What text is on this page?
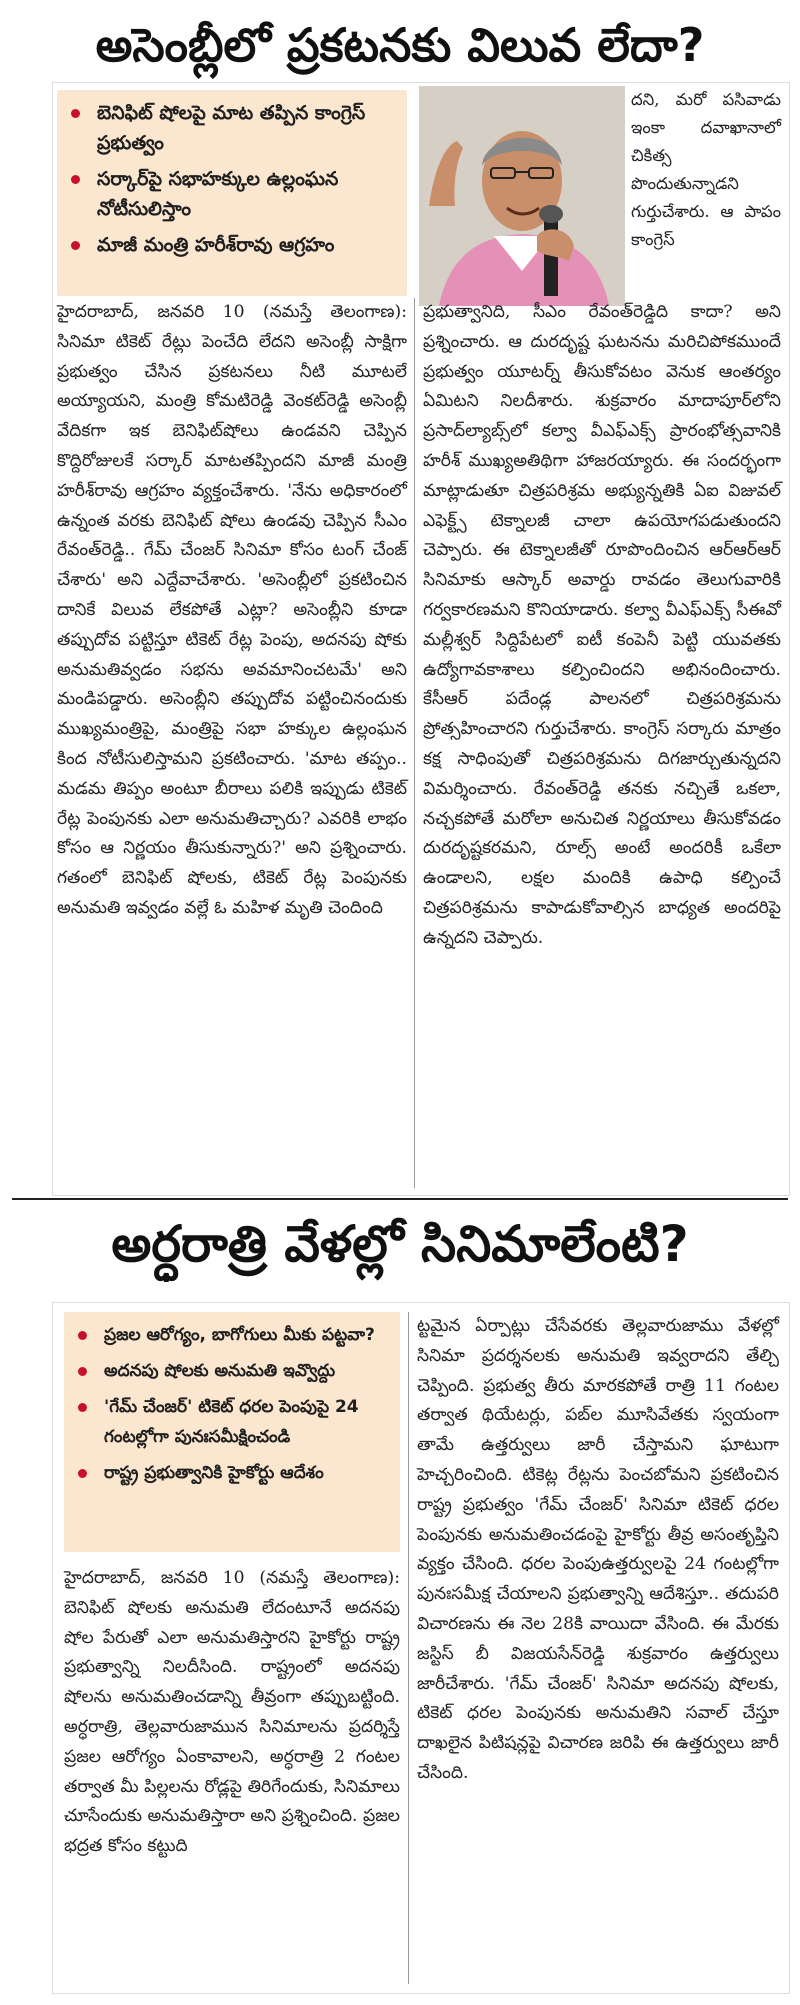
అసెంబ్లీలో ప్రకటనకు విలువ లేదా?
బెనిఫిట్ షోలపై మాట తప్పిన కాంగ్రెస్ ప్రభుత్వం
సర్కార్‌పై సభాహక్కుల ఉల్లంఘన నోటీసులిస్తాం
మాజీ మంత్రి హరీశ్‌రావు ఆగ్రహం

దని, మరో పసివాడు ఇంకా దవాఖానాలో చికిత్స పొందుతున్నాడని గుర్తుచేశారు. ఆ పాపం కాంగ్రెస్

హైదరాబాద్, జనవరి 10 (నమస్తే తెలంగాణ): సినిమా టికెట్ రేట్లు పెంచేది లేదని అసెంబ్లీ సాక్షిగా ప్రభుత్వం చేసిన ప్రకటనలు నీటి మూటలే అయ్యాయని, మంత్రి కోమటిరెడ్డి వెంకట్‌రెడ్డి అసెంబ్లీ వేదికగా ఇక బెనిఫిట్‌షోలు ఉండవని చెప్పిన కొద్దిరోజులకే సర్కార్ మాటతప్పిందని మాజీ మంత్రి హరీశ్‌రావు ఆగ్రహం వ్యక్తంచేశారు. 'నేను అధికారంలో ఉన్నంత వరకు బెనిఫిట్ షోలు ఉండవు చెప్పిన సీఎం రేవంత్‌రెడ్డి.. గేమ్ చేంజర్ సినిమా కోసం టంగ్ చేంజ్ చేశారు' అని ఎద్దేవాచేశారు. 'అసెంబ్లీలో ప్రకటించిన దానికే విలువ లేకపోతే ఎట్లా? అసెంబ్లీని కూడా తప్పుదోవ పట్టిస్తూ టికెట్ రేట్ల పెంపు, అదనపు షోకు అనుమతివ్వడం సభను అవమానించటమే' అని మండిపడ్డారు. అసెంబ్లీని తప్పుదోవ పట్టించినందుకు ముఖ్యమంత్రిపై, మంత్రిపై సభా హక్కుల ఉల్లంఘన కింద నోటీసులిస్తామని ప్రకటించారు. 'మాట తప్పం.. మడమ తిప్పం అంటూ బీరాలు పలికి ఇప్పుడు టికెట్ రేట్ల పెంపునకు ఎలా అనుమతిచ్చారు? ఎవరికి లాభం కోసం ఆ నిర్ణయం తీసుకున్నారు?' అని ప్రశ్నించారు. గతంలో బెనిఫిట్ షోలకు, టికెట్ రేట్ల పెంపునకు అనుమతి ఇవ్వడం వల్లే ఓ మహిళ మృతి చెందింది

ప్రభుత్వానిది, సీఎం రేవంత్‌రెడ్డిది కాదా? అని ప్రశ్నించారు. ఆ దురదృష్ట ఘటనను మరిచిపోకముందే ప్రభుత్వం యూటర్న్ తీసుకోవటం వెనుక ఆంతర్యం ఏమిటని నిలదీశారు. శుక్రవారం మాదాపూర్‌లోని ప్రసాద్‌ల్యాబ్స్‌లో కల్వా వీఎఫ్‌ఎక్స్ ప్రారంభోత్సవానికి హరీశ్ ముఖ్యఅతిథిగా హాజరయ్యారు. ఈ సందర్భంగా మాట్లాడుతూ చిత్రపరిశ్రమ అభ్యున్నతికి ఏఐ విజువల్ ఎఫెక్ట్స్ టెక్నాలజీ చాలా ఉపయోగపడుతుందని చెప్పారు. ఈ టెక్నాలజీతో రూపొందించిన ఆర్‌ఆర్‌ఆర్ సినిమాకు ఆస్కార్ అవార్డు రావడం తెలుగువారికి గర్వకారణమని కొనియాడారు. కల్వా వీఎఫ్‌ఎక్స్ సీఈవో మల్లీశ్వర్ సిద్దిపేటలో ఐటీ కంపెనీ పెట్టి యువతకు ఉద్యోగావకాశాలు కల్పించిందని అభినందించారు. కేసీఆర్ పదేండ్ల పాలనలో చిత్రపరిశ్రమను ప్రోత్సహించారని గుర్తుచేశారు. కాంగ్రెస్ సర్కారు మాత్రం కక్ష సాధింపుతో చిత్రపరిశ్రమను దిగజార్చుతున్నదని విమర్శించారు. రేవంత్‌రెడ్డి తనకు నచ్చితే ఒకలా, నచ్చకపోతే మరోలా అనుచిత నిర్ణయాలు తీసుకోవడం దురదృష్టకరమని, రూల్స్ అంటే అందరికీ ఒకేలా ఉండాలని, లక్షల మందికి ఉపాధి కల్పించే చిత్రపరిశ్రమను కాపాడుకోవాల్సిన బాధ్యత అందరిపై ఉన్నదని చెప్పారు.

అర్ధరాత్రి వేళల్లో సినిమాలేంటి?
ప్రజల ఆరోగ్యం, బాగోగులు మీకు పట్టవా?
అదనపు షోలకు అనుమతి ఇవ్వొద్దు
'గేమ్ చేంజర్' టికెట్ ధరల పెంపుపై 24 గంటల్లోగా పునఃసమీక్షించండి
రాష్ట్ర ప్రభుత్వానికి హైకోర్టు ఆదేశం

హైదరాబాద్, జనవరి 10 (నమస్తే తెలంగాణ): బెనిఫిట్ షోలకు అనుమతి లేదంటూనే అదనపు షోల పేరుతో ఎలా అనుమతిస్తారని హైకోర్టు రాష్ట్ర ప్రభుత్వాన్ని నిలదీసింది. రాష్ట్రంలో అదనపు షోలను అనుమతించడాన్ని తీవ్రంగా తప్పుబట్టింది. అర్ధరాత్రి, తెల్లవారుజామున సినిమాలను ప్రదర్శిస్తే ప్రజల ఆరోగ్యం ఏంకావాలని, అర్ధరాత్రి 2 గంటల తర్వాత మీ పిల్లలను రోడ్లపై తిరిగేందుకు, సినిమాలు చూసేందుకు అనుమతిస్తారా అని ప్రశ్నించింది. ప్రజల భద్రత కోసం కట్టుది

ట్టమైన ఏర్పాట్లు చేసేవరకు తెల్లవారుజాము వేళల్లో సినిమా ప్రదర్శనలకు అనుమతి ఇవ్వరాదని తేల్చి చెప్పింది. ప్రభుత్వ తీరు మారకపోతే రాత్రి 11 గంటల తర్వాత థియేటర్లు, పబ్‌ల మూసివేతకు స్వయంగా తామే ఉత్తర్వులు జారీ చేస్తామని ఘాటుగా హెచ్చరించింది. టికెట్ల రేట్లను పెంచబోమని ప్రకటించిన రాష్ట్ర ప్రభుత్వం 'గేమ్ చేంజర్' సినిమా టికెట్ ధరల పెంపునకు అనుమతించడంపై హైకోర్టు తీవ్ర అసంతృప్తిని వ్యక్తం చేసింది. ధరల పెంపుఉత్తర్వులపై 24 గంటల్లోగా పునఃసమీక్ష చేయాలని ప్రభుత్వాన్ని ఆదేశిస్తూ.. తదుపరి విచారణను ఈ నెల 28కి వాయిదా వేసింది. ఈ మేరకు జస్టిస్ బీ విజయసేన్‌రెడ్డి శుక్రవారం ఉత్తర్వులు జారీచేశారు. 'గేమ్ చేంజర్' సినిమా అదనపు షోలకు, టికెట్ ధరల పెంపునకు అనుమతిని సవాల్ చేస్తూ దాఖలైన పిటిషన్లపై విచారణ జరిపి ఈ ఉత్తర్వులు జారీ చేసింది.
